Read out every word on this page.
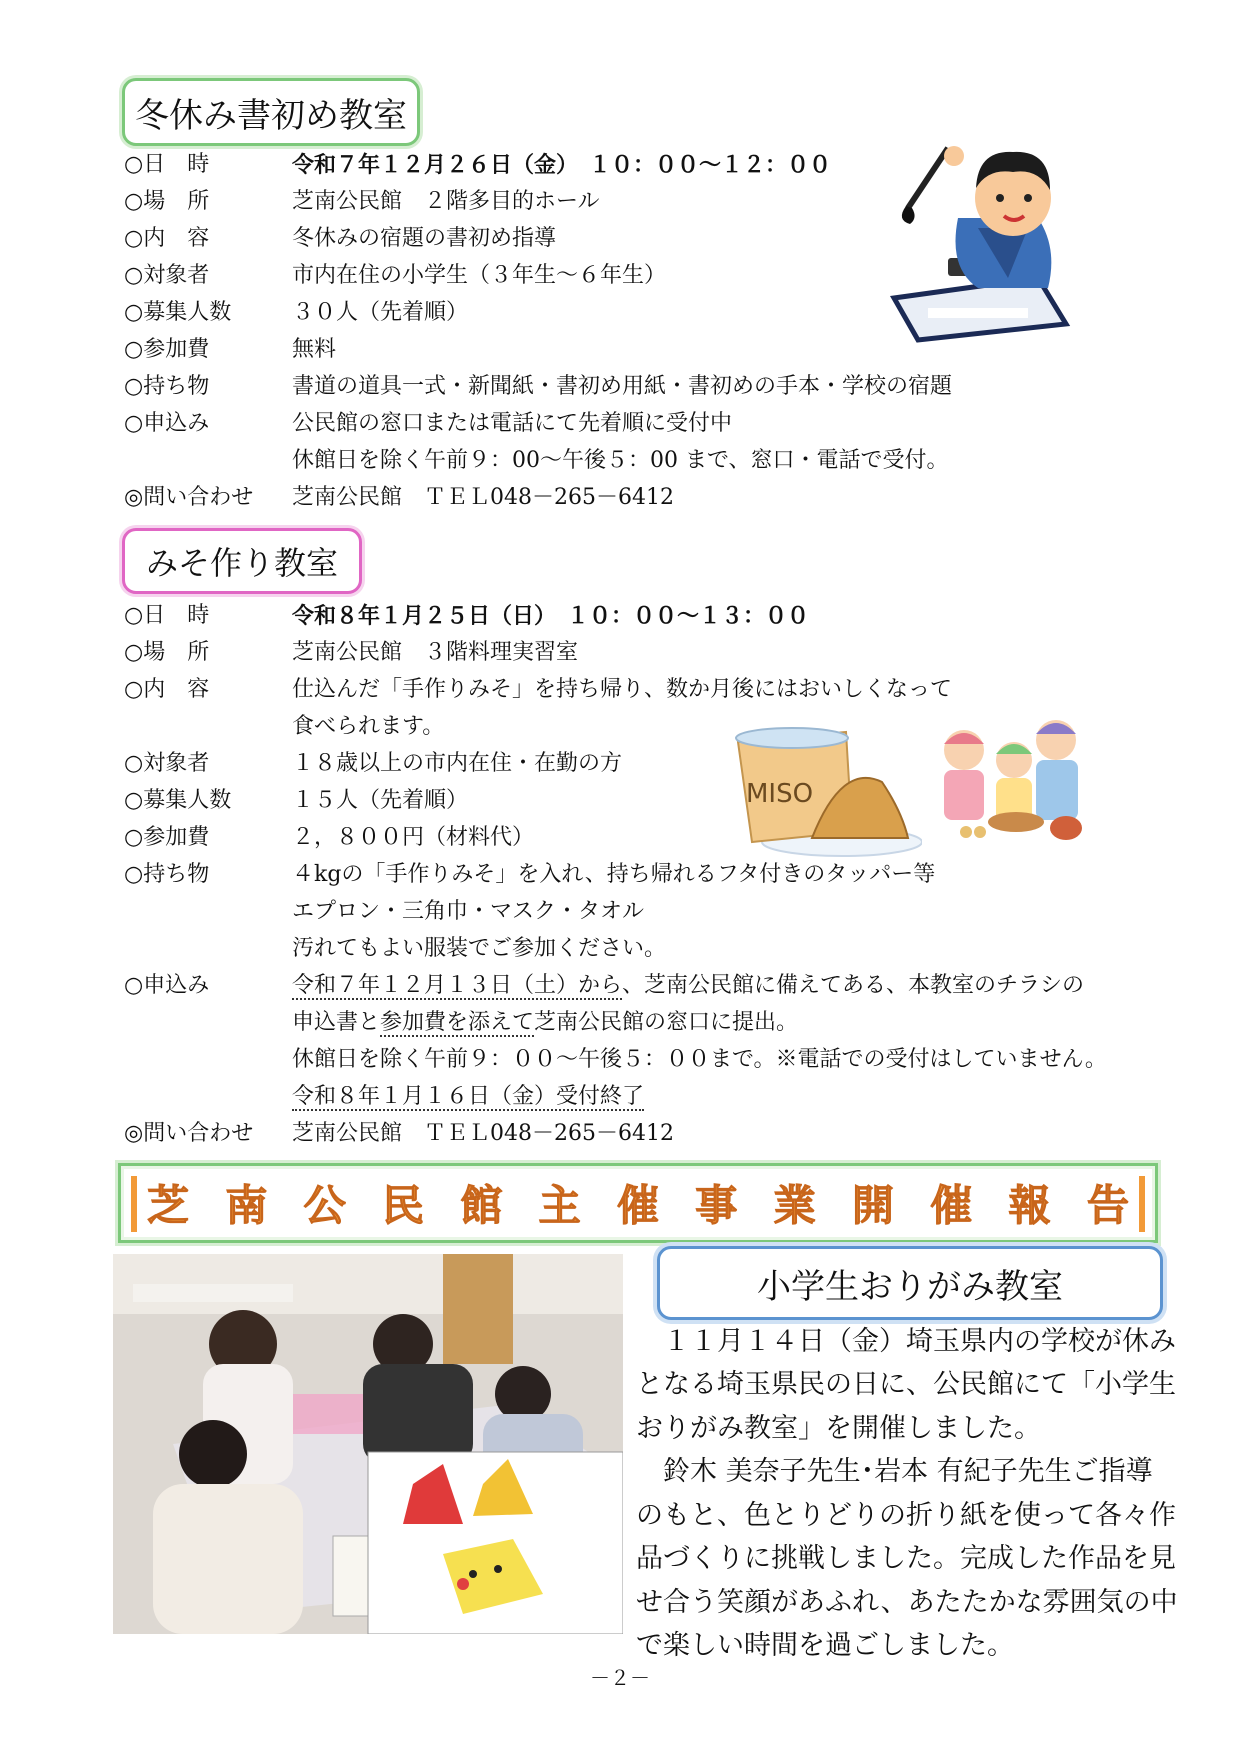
冬休み書初め教室
○日　時	令和７年１２月２６日（金）　１０：００～１２：００
○場　所	芝南公民館　２階多目的ホール
○内　容	冬休みの宿題の書初め指導
○対象者	市内在住の小学生（３年生～６年生）
○募集人数	３０人（先着順）
○参加費	無料
○持ち物	書道の道具一式・新聞紙・書初め用紙・書初めの手本・学校の宿題
○申込み	公民館の窓口または電話にて先着順に受付中
休館日を除く午前９：00～午後５：00 まで、窓口・電話で受付。
◎問い合わせ 芝南公民館　ＴＥＬ048－265－6412
みそ作り教室
○日　時	令和８年１月２５日（日）　１０：００～１３：００
○場　所	芝南公民館　３階料理実習室
○内　容	仕込んだ「手作りみそ」を持ち帰り、数か月後にはおいしくなって
食べられます。
○対象者	１８歳以上の市内在住・在勤の方
○募集人数	１５人（先着順）
○参加費	２，８００円（材料代）
○持ち物	４kgの「手作りみそ」を入れ、持ち帰れるフタ付きのタッパー等
エプロン・三角巾・マスク・タオル
汚れてもよい服装でご参加ください。
○申込み	令和７年１２月１３日（土）から、芝南公民館に備えてある、本教室のチラシの
申込書と参加費を添えて芝南公民館の窓口に提出。
休館日を除く午前９：００～午後５：００まで。※電話での受付はしていません。
令和８年１月１６日（金）受付終了
◎問い合わせ 芝南公民館　ＴＥＬ048－265－6412
MISO
芝 南 公 民 館 主 催 事 業 開 催 報 告
小学生おりがみ教室
　１１月１４日（金）埼玉県内の学校が休み
となる埼玉県民の日に、公民館にて「小学生
おりがみ教室」を開催しました。
　鈴木 美奈子先生･岩本 有紀子先生ご指導
のもと、色とりどりの折り紙を使って各々作
品づくりに挑戦しました。完成した作品を見
せ合う笑顔があふれ、あたたかな雰囲気の中
で楽しい時間を過ごしました。
－２－
